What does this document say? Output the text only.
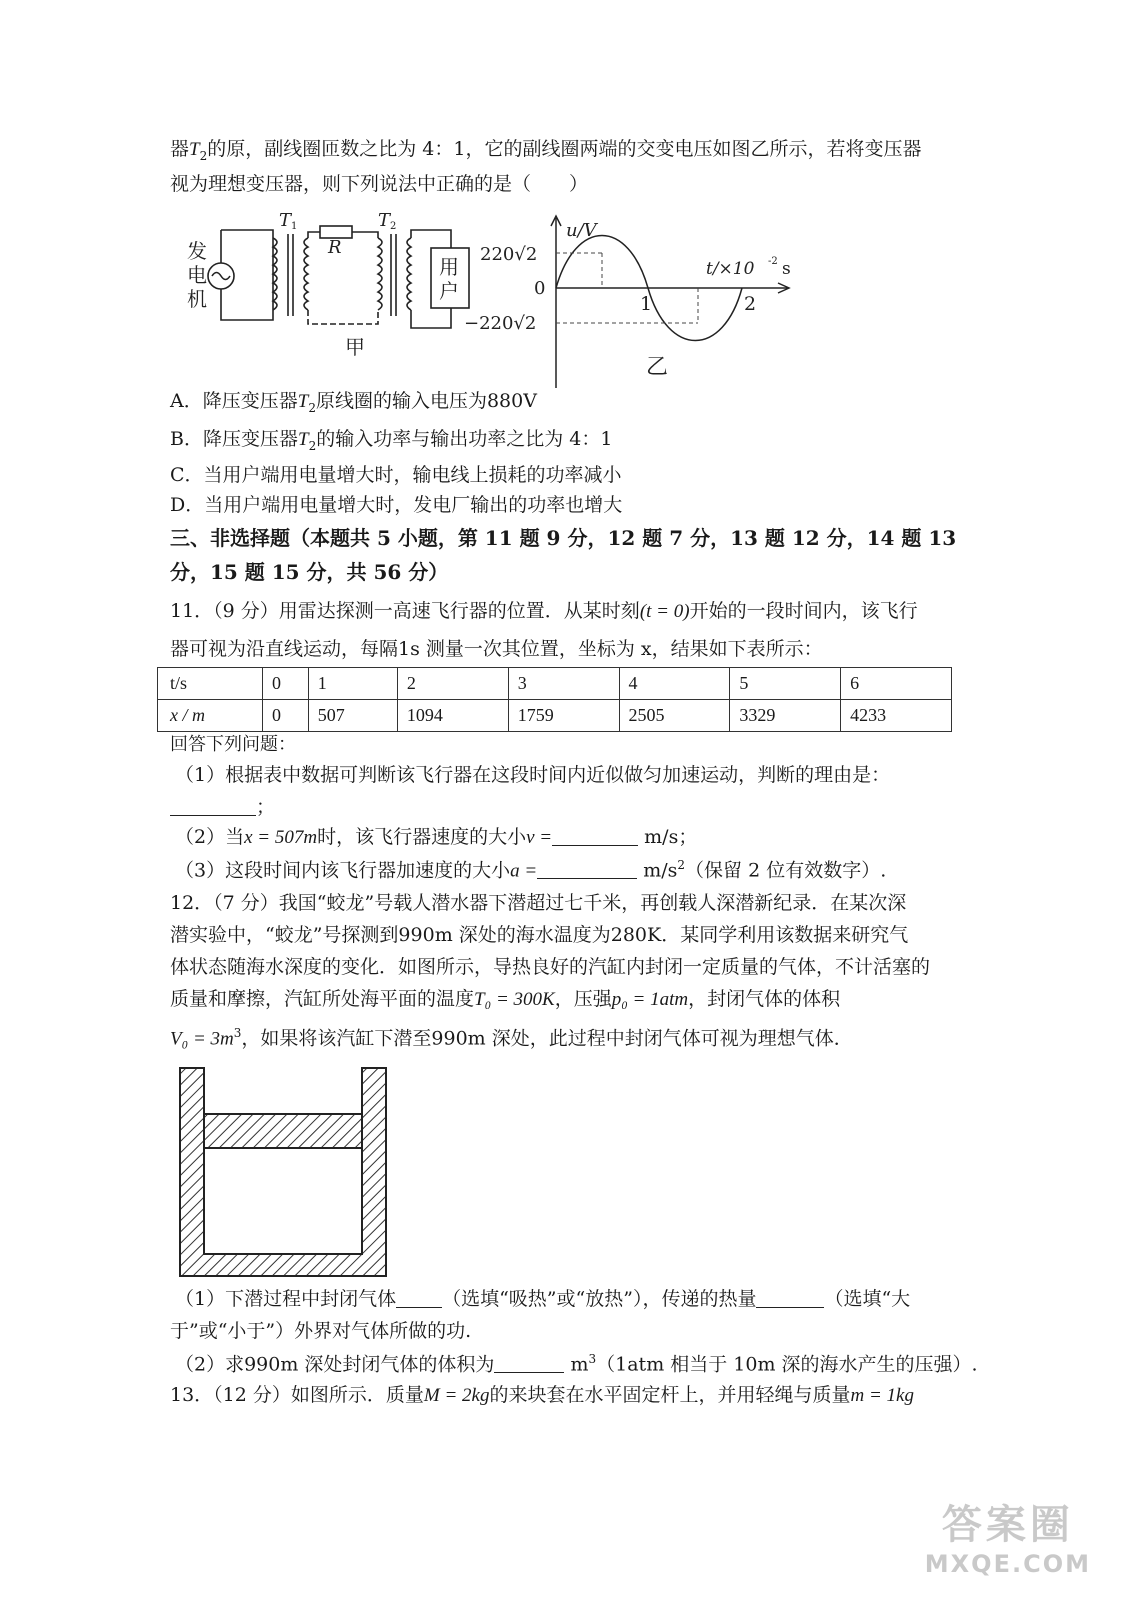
器$T_2$的原，副线圈匝数之比为 4：1，它的副线圈两端的交变电压如图乙所示，若将变压器
视为理想变压器，则下列说法中正确的是（　　）
发
电
机
用
户
T 1
R
T 2
甲
u/V
220√2
0
−220√2
t/×10 -2 s
1	2
乙
A．降压变压器$T_2$原线圈的输入电压为880V
B．降压变压器$T_2$的输入功率与输出功率之比为 4：1
C．当用户端用电量增大时，输电线上损耗的功率减小
D．当用户端用电量增大时，发电厂输出的功率也增大
三、非选择题（本题共 5 小题，第 11 题 9 分，12 题 7 分，13 题 12 分，14 题 13
分，15 题 15 分，共 56 分）
11．（9 分）用雷达探测一高速飞行器的位置．从某时刻(t = 0)开始的一段时间内，该飞行
器可视为沿直线运动，每隔1s 测量一次其位置，坐标为 x，结果如下表所示：
t/s	0	1	2	3	4	5	6
x / m	0	507	1094	1759	2505	3329	4233
回答下列问题：
（1）根据表中数据可判断该飞行器在这段时间内近似做匀加速运动，判断的理由是：
；
（2）当x = 507m时，该飞行器速度的大小v =	m/s；
（3）这段时间内该飞行器加速度的大小a =	$m/s^2$（保留 2 位有效数字）.
12．（7 分）我国“蛟龙”号载人潜水器下潜超过七千米，再创载人深潜新纪录．在某次深
潜实验中，“蛟龙”号探测到990m 深处的海水温度为280K．某同学利用该数据来研究气
体状态随海水深度的变化．如图所示，导热良好的汽缸内封闭一定质量的气体，不计活塞的
质量和摩擦，汽缸所处海平面的温度T₀ = 300K，压强p₀ = 1atm，封闭气体的体积
$V_0 = 3m^3$，如果将该汽缸下潜至990m 深处，此过程中封闭气体可视为理想气体．
（1）下潜过程中封闭气体 （选填“吸热”或“放热”），传递的热量	（选填“大
于”或“小于”）外界对气体所做的功.
（2）求990m 深处封闭气体的体积为	$m^3(1atm$ 相当于 10m 深的海水产生的压强）.
13．（12 分）如图所示．质量M = 2kg的来块套在水平固定杆上，并用轻绳与质量m = 1kg
答案圈
MXQE.COM
